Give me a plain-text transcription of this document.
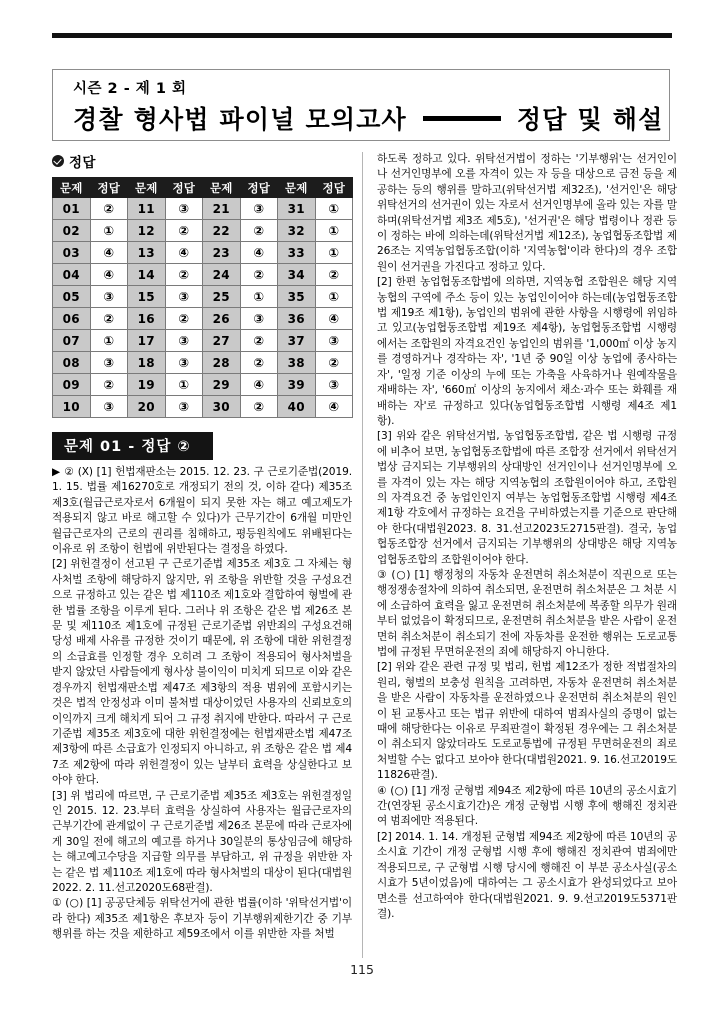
시즌 2 - 제 1 회
경찰 형사법 파이널 모의고사	정답 및 해설
정답
문제	정답	문제	정답	문제	정답	문제	정답
01	②	11	③	21	③	31	①
02	①	12	②	22	②	32	①
03	④	13	④	23	④	33	①
04	④	14	②	24	②	34	②
05	③	15	③	25	①	35	①
06	②	16	②	26	③	36	④
07	①	17	③	27	②	37	③
08	③	18	③	28	②	38	②
09	②	19	①	29	④	39	③
10	③	20	③	30	②	40	④
문제 01 - 정답 ②

▶ ② (X) [1] 헌법재판소는 2015. 12. 23. 구 근로기준법(2019. 1. 15. 법률 제16270호로 개정되기 전의 것, 이하 같다) 제35조 제3호(월급근로자로서 6개월이 되지 못한 자는 해고 예고제도가 적용되지 않고 바로 해고할 수 있다)가 근무기간이 6개월 미만인 월급근로자의 근로의 권리를 침해하고, 평등원칙에도 위배된다는 이유로 위 조항이 헌법에 위반된다는 결정을 하였다.

[2] 위헌결정이 선고된 구 근로기준법 제35조 제3호 그 자체는 형사처벌 조항에 해당하지 않지만, 위 조항을 위반할 것을 구성요건으로 규정하고 있는 같은 법 제110조 제1호와 결합하여 형벌에 관한 법률 조항을 이루게 된다. 그러나 위 조항은 같은 법 제26조 본문 및 제110조 제1호에 규정된 근로기준법 위반죄의 구성요건해당성 배제 사유를 규정한 것이기 때문에, 위 조항에 대한 위헌결정의 소급효를 인정할 경우 오히려 그 조항이 적용되어 형사처벌을 받지 않았던 사람들에게 형사상 불이익이 미치게 되므로 이와 같은 경우까지 헌법재판소법 제47조 제3항의 적용 범위에 포함시키는 것은 법적 안정성과 이미 불처벌 대상이었던 사용자의 신뢰보호의 이익까지 크게 해치게 되어 그 규정 취지에 반한다. 따라서 구 근로기준법 제35조 제3호에 대한 위헌결정에는 헌법재판소법 제47조 제3항에 따른 소급효가 인정되지 아니하고, 위 조항은 같은 법 제47조 제2항에 따라 위헌결정이 있는 날부터 효력을 상실한다고 보아야 한다.

[3] 위 법리에 따르면, 구 근로기준법 제35조 제3호는 위헌결정일인 2015. 12. 23.부터 효력을 상실하여 사용자는 월급근로자의 근부기간에 관계없이 구 근로기준법 제26조 본문에 따라 근로자에게 30일 전에 해고의 예고를 하거나 30일분의 통상임금에 해당하는 해고예고수당을 지급할 의무를 부담하고, 위 규정을 위반한 자는 같은 법 제110조 제1호에 따라 형사처벌의 대상이 된다(대법원 2022. 2. 11.선고2020도68판결).

① (○) [1] 공공단체등 위탁선거에 관한 법률(이하 '위탁선거법'이라 한다) 제35조 제1항은 후보자 등이 기부행위제한기간 중 기부행위를 하는 것을 제한하고 제59조에서 이를 위반한 자를 처벌

하도록 정하고 있다. 위탁선거법이 정하는 '기부행위'는 선거인이나 선거인명부에 오를 자격이 있는 자 등을 대상으로 금전 등을 제공하는 등의 행위를 말하고(위탁선거법 제32조), '선거인'은 해당 위탁선거의 선거권이 있는 자로서 선거인명부에 올라 있는 자를 말하며(위탁선거법 제3조 제5호), '선거권'은 해당 법령이나 정관 등이 정하는 바에 의하는데(위탁선거법 제12조), 농업협동조합법 제26조는 지역농업협동조합(이하 '지역농협'이라 한다)의 경우 조합원이 선거권을 가진다고 정하고 있다.

[2] 한편 농업협동조합법에 의하면, 지역농협 조합원은 해당 지역농협의 구역에 주소 등이 있는 농업인이어야 하는데(농업협동조합법 제19조 제1항), 농업인의 범위에 관한 사항을 시행령에 위임하고 있고(농업협동조합법 제19조 제4항), 농업협동조합법 시행령에서는 조합원의 자격요건인 농업인의 범위를 '1,000㎡ 이상 농지를 경영하거나 경작하는 자', '1년 중 90일 이상 농업에 종사하는 자', '일정 기준 이상의 누에 또는 가축을 사육하거나 원예작물을 재배하는 자', '660㎡ 이상의 농지에서 채소·과수 또는 화훼를 재배하는 자'로 규정하고 있다(농업협동조합법 시행령 제4조 제1항).

[3] 위와 같은 위탁선거법, 농업협동조합법, 같은 법 시행령 규정에 비추어 보면, 농업협동조합법에 따른 조합장 선거에서 위탁선거법상 금지되는 기부행위의 상대방인 선거인이나 선거인명부에 오를 자격이 있는 자는 해당 지역농협의 조합원이어야 하고, 조합원의 자격요건 중 농업인인지 여부는 농업협동조합법 시행령 제4조 제1항 각호에서 규정하는 요건을 구비하였는지를 기준으로 판단해야 한다(대법원2023. 8. 31.선고2023도2715판결). 결국, 농업협동조합장 선거에서 금지되는 기부행위의 상대방은 해당 지역농업협동조합의 조합원이어야 한다.

③ (○) [1] 행정청의 자동차 운전면허 취소처분이 직권으로 또는 행정쟁송절차에 의하여 취소되면, 운전면허 취소처분은 그 처분 시에 소급하여 효력을 잃고 운전면허 취소처분에 복종할 의무가 원래부터 없었음이 확정되므로, 운전면허 취소처분을 받은 사람이 운전면허 취소처분이 취소되기 전에 자동차를 운전한 행위는 도로교통법에 규정된 무면허운전의 죄에 해당하지 아니한다.

[2] 위와 같은 관련 규정 및 법리, 헌법 제12조가 정한 적법절차의 원리, 형벌의 보충성 원칙을 고려하면, 자동차 운전면허 취소처분을 받은 사람이 자동차를 운전하였으나 운전면허 취소처분의 원인이 된 교통사고 또는 법규 위반에 대하여 범죄사실의 증명이 없는 때에 해당한다는 이유로 무죄판결이 확정된 경우에는 그 취소처분이 취소되지 않았더라도 도로교통법에 규정된 무면허운전의 죄로 처벌할 수는 없다고 보아야 한다(대법원2021. 9. 16.선고2019도11826판결).

④ (○) [1] 개정 군형법 제94조 제2항에 따른 10년의 공소시효기간(연장된 공소시효기간)은 개정 군형법 시행 후에 행해진 정치관여 범죄에만 적용된다.

[2] 2014. 1. 14. 개정된 군형법 제94조 제2항에 따른 10년의 공소시효 기간이 개정 군형법 시행 후에 행해진 정치관여 범죄에만 적용되므로, 구 군형법 시행 당시에 행해진 이 부분 공소사실(공소시효가 5년이었음)에 대하여는 그 공소시효가 완성되었다고 보아 면소를 선고하여야 한다(대법원2021. 9. 9.선고2019도5371판결).

115
